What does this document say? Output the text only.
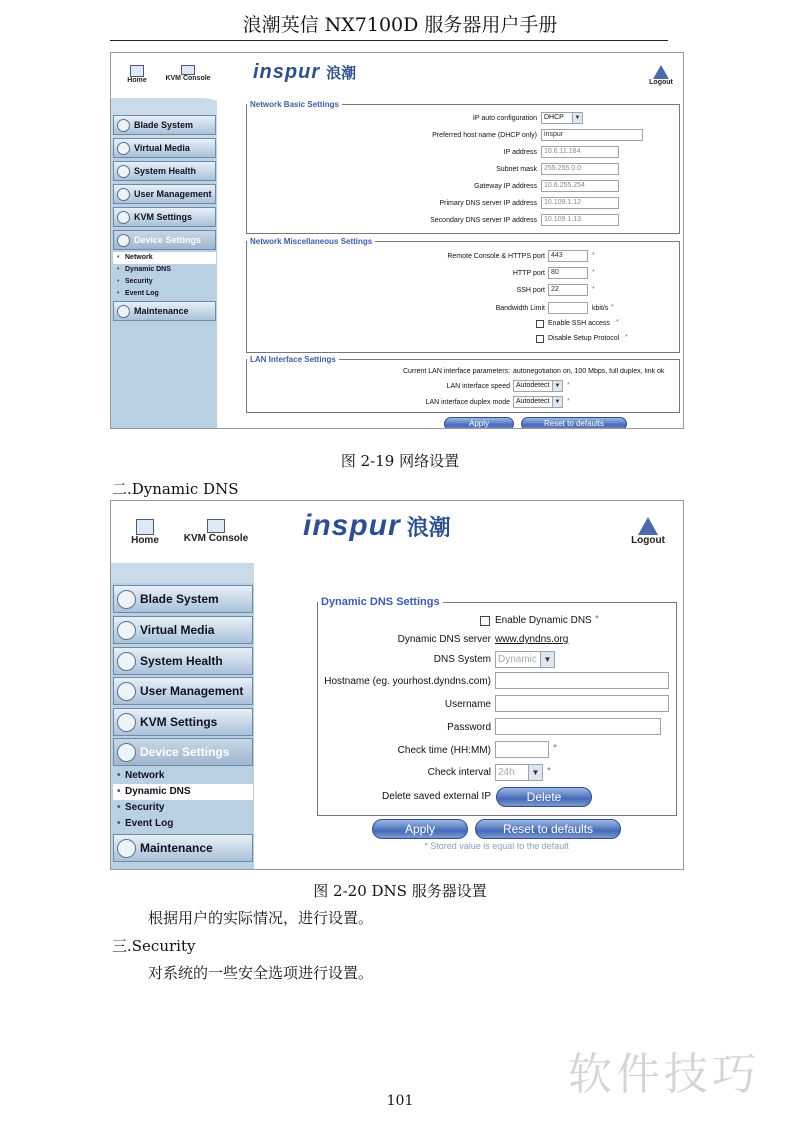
浪潮英信 NX7100D 服务器用户手册
Home	KVM Console	inspur 浪潮
Logout
Blade System
Virtual Media
System Health
User Management
KVM Settings
Device Settings
• Network
• Dynamic DNS
• Security
• Event Log
Maintenance
Network Basic Settings
IP auto configuration	DHCP	▼
Preferred host name (DHCP only)	inspur
IP address	10.6.11.184
Subnet mask	255.255.0.0
Gateway IP address	10.6.255.254
Primary DNS server IP address	10.109.1.12
Secondary DNS server IP address	10.109.1.13
Network Miscellaneous Settings
Remote Console & HTTPS port 443	*
HTTP port 80	*
SSH port 22	*
Bandwidth Limit	kbit/s *
Enable SSH access *
Disable Setup Protocol *
LAN Interface Settings
Current LAN interface parameters: autonegotiation on, 100 Mbps, full duplex, link ok
LAN interface speed Autodetect ▼ *
LAN interface duplex mode Autodetect ▼ *
Apply	Reset to defaults
图 2-19 网络设置
二.Dynamic DNS
Home	KVM Console inspur 浪潮	Logout
Blade System
Virtual Media
System Health
User Management
KVM Settings
Device Settings
• Network
• Dynamic DNS
• Security
• Event Log
Maintenance
Dynamic DNS Settings
Enable Dynamic DNS *
Dynamic DNS server www.dyndns.org
DNS System Dynamic ▼
Hostname (eg. yourhost.dyndns.com)
Username
Password
Check time (HH:MM)	*
Check interval 24h	▼ *
Delete saved external IP	Delete
Apply	Reset to defaults
* Stored value is equal to the default
图 2-20 DNS 服务器设置
根据用户的实际情况，进行设置。
三.Security
对系统的一些安全选项进行设置。
软件技巧
101
